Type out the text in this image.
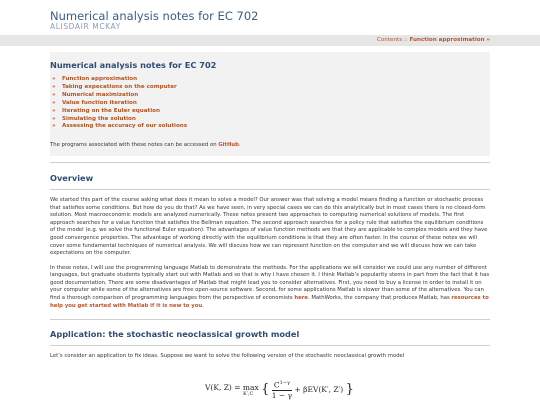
Numerical analysis notes for EC 702
ALISDAIR MCKAY
Contents :: Function approximation »
Numerical analysis notes for EC 702
» Function approximation
» Taking expecations on the computer
» Numerical maximization
» Value function iteration
» Iterating on the Euler equation
» Simulating the solution
» Assessing the accuracy of our solutions

The programs associated with these notes can be accessed on GitHub.

Overview

We started this part of the course asking what does it mean to solve a model? Our answer was that solving a model means finding a function or stochastic process that satisfies some conditions. But how do you do that? As we have seen, in very special cases we can do this analytically but in most cases there is no closed-form solution. Most macroeconomic models are analyzed numerically. These notes present two approaches to computing numerical solutions of models. The first approach searches for a value function that satisfies the Bellman equation. The second approach searches for a policy rule that satisfies the equilibrium conditions of the model (e.g. we solve the functional Euler equation). The advantages of value function methods are that they are applicable to complex models and they have good convergence properties. The advantage of working directly with the equilibrium conditions is that they are often faster. In the course of these notes we will cover some fundamental techniques of numerical analysis. We will discuss how we can represent function on the computer and we will discuss how we can take expectations on the computer.

In these notes, I will use the programming language Matlab to demonstrate the methods. For the applications we will consider we could use any number of different languages, but graduate students typically start out with Matlab and so that is why I have chosen it. I think Matlab’s popularity stems in part from the fact that it has good documentation. There are some disadvantages of Matlab that might lead you to consider alternatives. First, you need to buy a license in order to install it on your computer while some of the alternatives are free open-source software. Second, for some applications Matlab is slower than some of the alternatives. You can find a thorough comparison of programming languages from the perspective of economists here. MathWorks, the company that produces Matlab, has resources to help you get started with Matlab if it is new to you.

Application: the stochastic neoclassical growth model

Let’s consider an application to fix ideas. Suppose we want to solve the following version of the stochastic neoclassical growth model

V(K, Z) = max
K′,C { $\frac{C^{1-\gamma}}{1 - \gamma} + \beta EV(K'$, Z′) }
